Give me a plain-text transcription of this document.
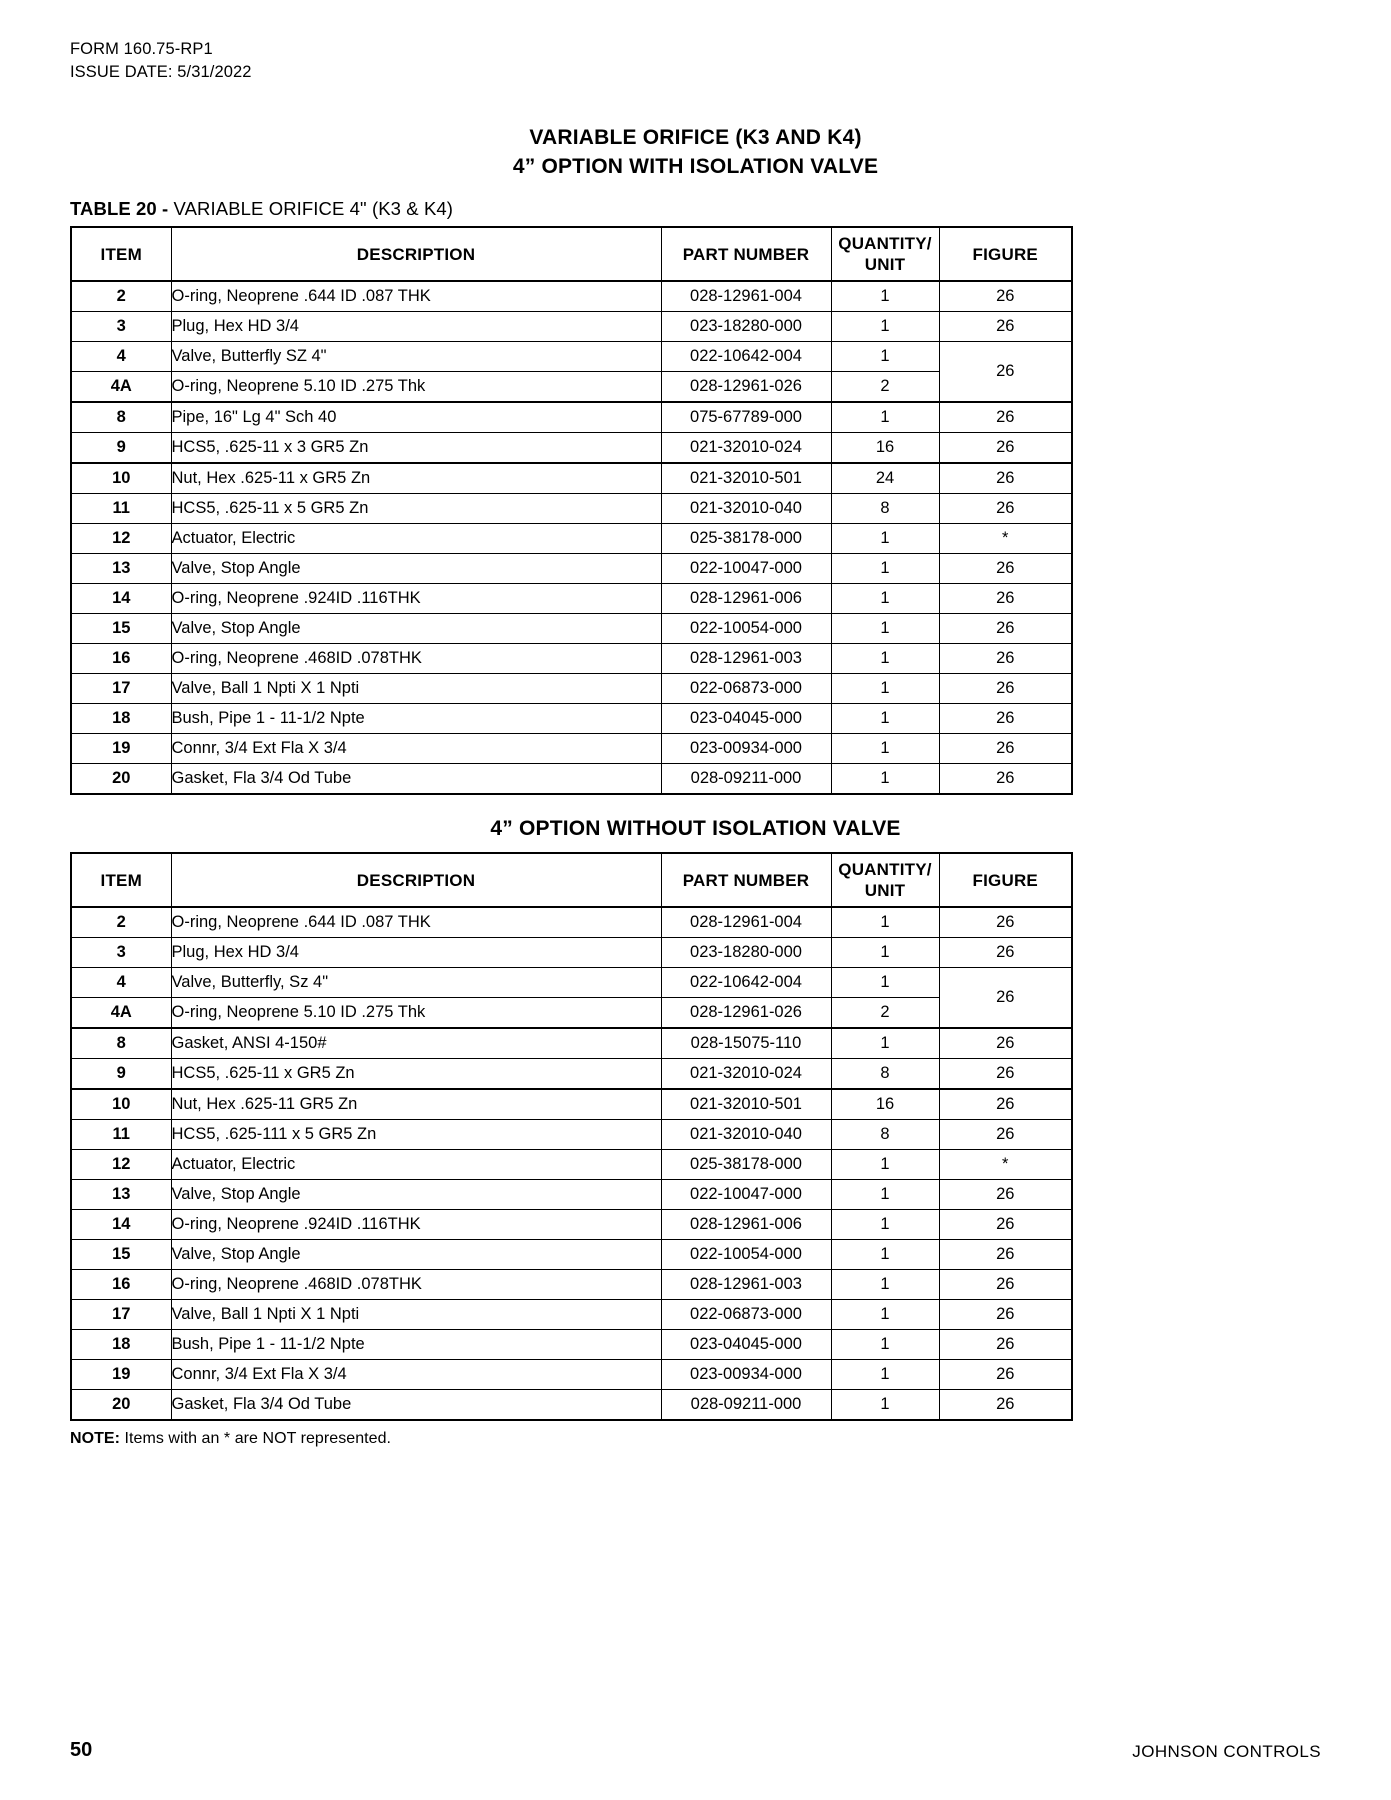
FORM 160.75-RP1
ISSUE DATE: 5/31/2022
VARIABLE ORIFICE (K3 AND K4)
4” OPTION WITH ISOLATION VALVE
TABLE 20 - VARIABLE ORIFICE 4" (K3 & K4)
ITEM	DESCRIPTION	PART NUMBER	QUANTITY/
UNIT	FIGURE
2	O-ring, Neoprene .644 ID .087 THK	028-12961-004	1	26
3	Plug, Hex HD 3/4	023-18280-000	1	26
4	Valve, Butterfly SZ 4"	022-10642-004	1	26
4A	O-ring, Neoprene 5.10 ID .275 Thk	028-12961-026	2	
8	Pipe, 16" Lg 4" Sch 40	075-67789-000	1	26
9	HCS5, .625-11 x 3 GR5 Zn	021-32010-024	16	26
10	Nut, Hex .625-11 x GR5 Zn	021-32010-501	24	26
11	HCS5, .625-11 x 5 GR5 Zn	021-32010-040	8	26
12	Actuator, Electric	025-38178-000	1	*
13	Valve, Stop Angle	022-10047-000	1	26
14	O-ring, Neoprene .924ID .116THK	028-12961-006	1	26
15	Valve, Stop Angle	022-10054-000	1	26
16	O-ring, Neoprene .468ID .078THK	028-12961-003	1	26
17	Valve, Ball 1 Npti X 1 Npti	022-06873-000	1	26
18	Bush, Pipe 1 - 11-1/2 Npte	023-04045-000	1	26
19	Connr, 3/4 Ext Fla X 3/4	023-00934-000	1	26
20	Gasket, Fla 3/4 Od Tube	028-09211-000	1	26
4” OPTION WITHOUT ISOLATION VALVE
ITEM	DESCRIPTION	PART NUMBER	QUANTITY/
UNIT	FIGURE
2	O-ring, Neoprene .644 ID .087 THK	028-12961-004	1	26
3	Plug, Hex HD 3/4	023-18280-000	1	26
4	Valve, Butterfly, Sz 4"	022-10642-004	1	26
4A	O-ring, Neoprene 5.10 ID .275 Thk	028-12961-026	2	
8	Gasket, ANSI 4-150#	028-15075-110	1	26
9	HCS5, .625-11 x GR5 Zn	021-32010-024	8	26
10	Nut, Hex .625-11 GR5 Zn	021-32010-501	16	26
11	HCS5, .625-111 x 5 GR5 Zn	021-32010-040	8	26
12	Actuator, Electric	025-38178-000	1	*
13	Valve, Stop Angle	022-10047-000	1	26
14	O-ring, Neoprene .924ID .116THK	028-12961-006	1	26
15	Valve, Stop Angle	022-10054-000	1	26
16	O-ring, Neoprene .468ID .078THK	028-12961-003	1	26
17	Valve, Ball 1 Npti X 1 Npti	022-06873-000	1	26
18	Bush, Pipe 1 - 11-1/2 Npte	023-04045-000	1	26
19	Connr, 3/4 Ext Fla X 3/4	023-00934-000	1	26
20	Gasket, Fla 3/4 Od Tube	028-09211-000	1	26
NOTE: Items with an * are NOT represented.
50	JOHNSON CONTROLS
